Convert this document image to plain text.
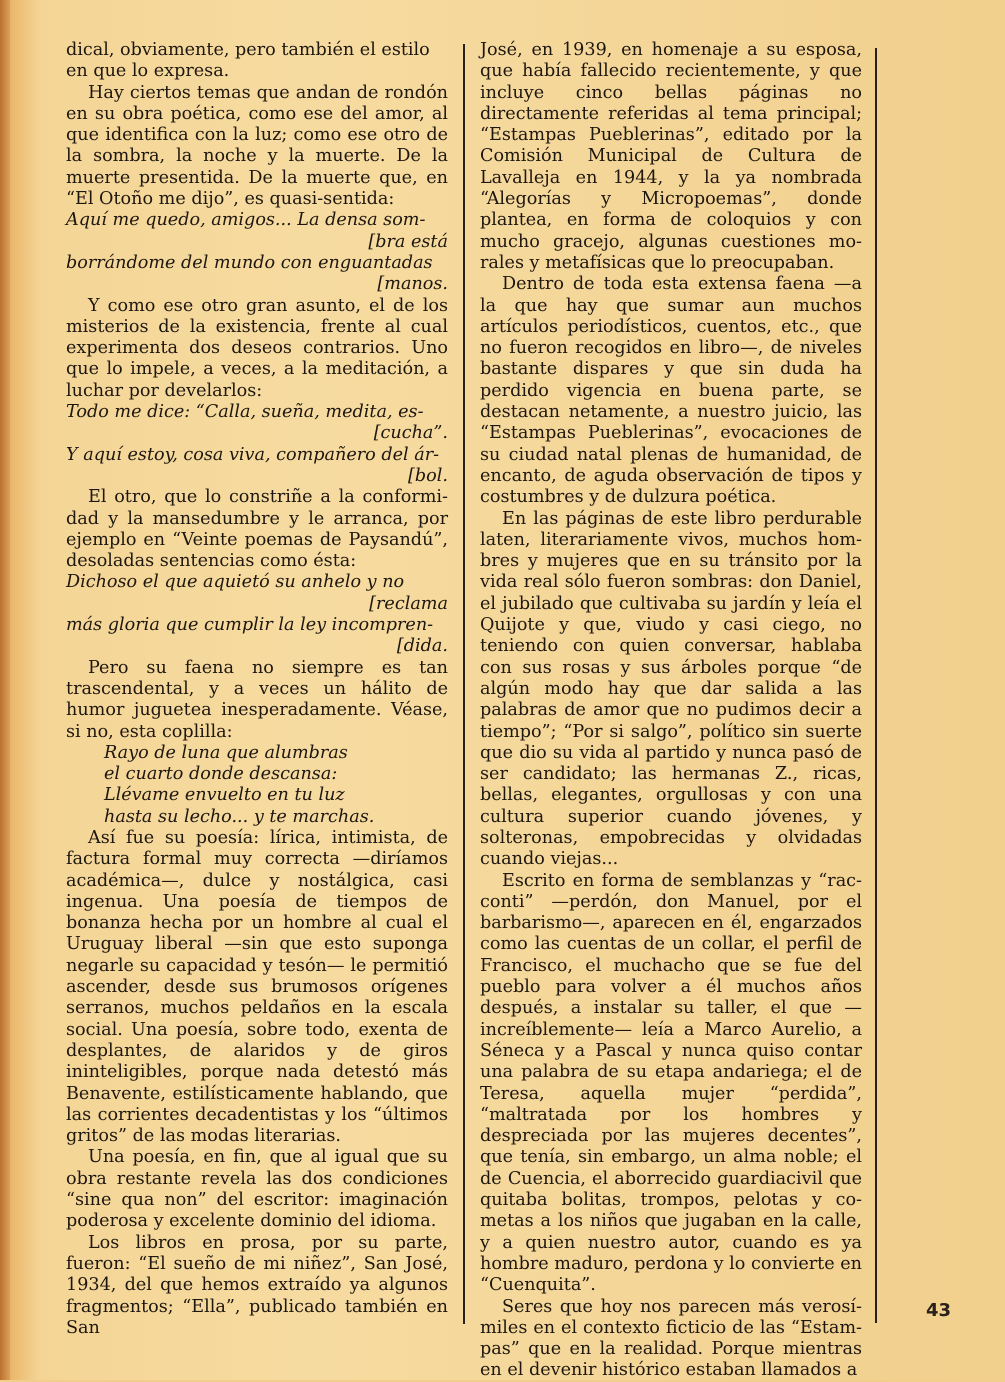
dical, obviamente, pero también el estilo en que lo expresa.

Hay ciertos temas que andan de rondón en su obra poética, como ese del amor, al que identifica con la luz; como ese otro de la sombra, la noche y la muerte. De la muerte presentida. De la muerte que, en “El Otoño me dijo”, es quasi-sentida:

Aquí me quedo, amigos... La densa som-

[bra está

borrándome del mundo con enguantadas

[manos.

Y como ese otro gran asunto, el de los misterios de la existencia, frente al cual experimenta dos deseos contrarios. Uno que lo impele, a veces, a la meditación, a luchar por develarlos:

Todo me dice: “Calla, sueña, medita, es-

[cucha”.

Y aquí estoy, cosa viva, compañero del ár-

[bol.

El otro, que lo constriñe a la conformidad y la mansedumbre y le arranca, por ejemplo en “Veinte poemas de Paysandú”, desoladas sentencias como ésta:

Dichoso el que aquietó su anhelo y no

[reclama

más gloria que cumplir la ley incompren-

[dida.

Pero su faena no siempre es tan trascendental, y a veces un hálito de humor juguetea inesperadamente. Véase, si no, esta coplilla:

Rayo de luna que alumbras

el cuarto donde descansa:

Llévame envuelto en tu luz

hasta su lecho... y te marchas.

Así fue su poesía: lírica, intimista, de factura formal muy correcta —diríamos académica—, dulce y nostálgica, casi ingenua. Una poesía de tiempos de bonanza hecha por un hombre al cual el Uruguay liberal —sin que esto suponga negarle su capacidad y tesón— le permitió ascender, desde sus brumosos orígenes serranos, muchos peldaños en la escala social. Una poesía, sobre todo, exenta de desplantes, de alaridos y de giros ininteligibles, porque nada detestó más Benavente, estilísticamente hablando, que las corrientes decadentistas y los “últimos gritos” de las modas literarias.

Una poesía, en fin, que al igual que su obra restante revela las dos condiciones “sine qua non” del escritor: imaginación poderosa y excelente dominio del idioma.

Los libros en prosa, por su parte, fueron: “El sueño de mi niñez”, San José, 1934, del que hemos extraído ya algunos fragmentos; “Ella”, publicado también en San

José, en 1939, en homenaje a su esposa, que había fallecido recientemente, y que incluye cinco bellas páginas no directamente referidas al tema principal; “Estampas Pueblerinas”, editado por la Comisión Municipal de Cultura de Lavalleja en 1944, y la ya nombrada “Alegorías y Micropoemas”, donde plantea, en forma de coloquios y con mucho gracejo, algunas cuestiones morales y metafísicas que lo preocupaban.

Dentro de toda esta extensa faena —a la que hay que sumar aun muchos artículos periodísticos, cuentos, etc., que no fueron recogidos en libro—, de niveles bastante dispares y que sin duda ha perdido vigencia en buena parte, se destacan netamente, a nuestro juicio, las “Estampas Pueblerinas”, evocaciones de su ciudad natal plenas de humanidad, de encanto, de aguda observación de tipos y costumbres y de dulzura poética.

En las páginas de este libro perdurable laten, literariamente vivos, muchos hombres y mujeres que en su tránsito por la vida real sólo fueron sombras: don Daniel, el jubilado que cultivaba su jardín y leía el Quijote y que, viudo y casi ciego, no teniendo con quien conversar, hablaba con sus rosas y sus árboles porque “de algún modo hay que dar salida a las palabras de amor que no pudimos decir a tiempo”; “Por si salgo”, político sin suerte que dio su vida al partido y nunca pasó de ser candidato; las hermanas Z., ricas, bellas, elegantes, orgullosas y con una cultura superior cuando jóvenes, y solteronas, empobrecidas y olvidadas cuando viejas...

Escrito en forma de semblanzas y “racconti” —perdón, don Manuel, por el barbarismo—, aparecen en él, engarzados como las cuentas de un collar, el perfil de Francisco, el muchacho que se fue del pueblo para volver a él muchos años después, a instalar su taller, el que —increíblemente— leía a Marco Aurelio, a Séneca y a Pascal y nunca quiso contar una palabra de su etapa andariega; el de Teresa, aquella mujer “perdida”, “maltratada por los hombres y despreciada por las mujeres decentes”, que tenía, sin embargo, un alma noble; el de Cuencia, el aborrecido guardiacivil que quitaba bolitas, trompos, pelotas y cometas a los niños que jugaban en la calle, y a quien nuestro autor, cuando es ya hombre maduro, perdona y lo convierte en “Cuenquita”.

Seres que hoy nos parecen más verosímiles en el contexto ficticio de las “Estampas” que en la realidad. Porque mientras en el devenir histórico estaban llamados a

43
